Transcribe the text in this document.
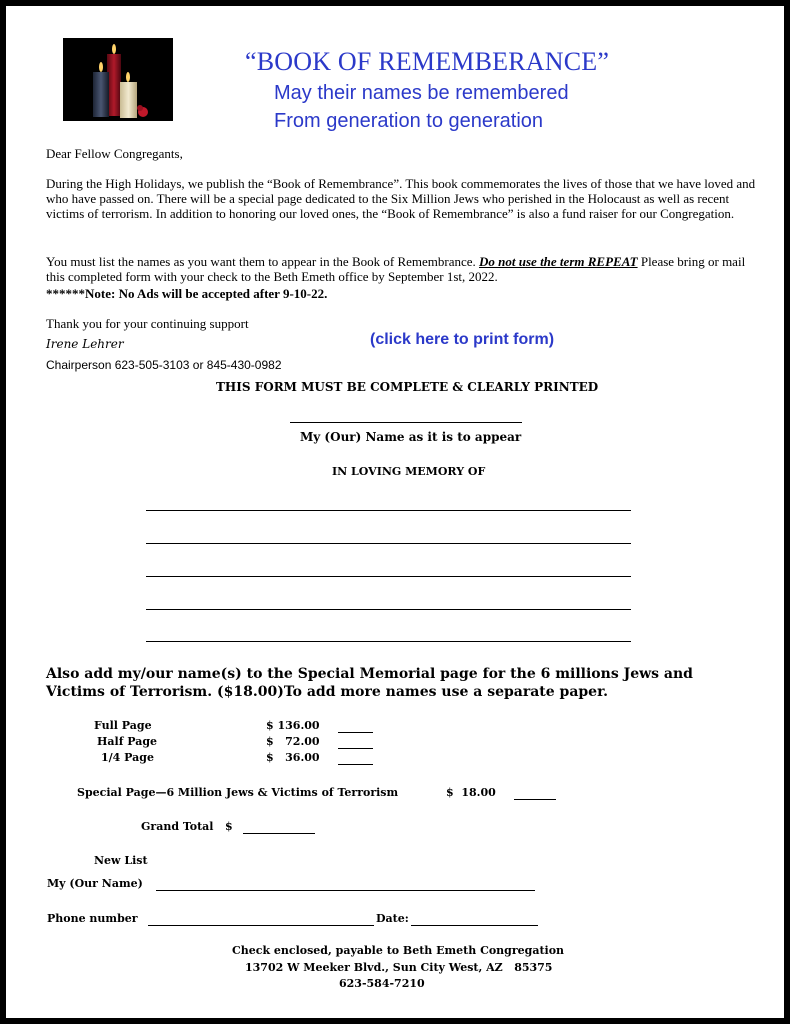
“BOOK OF REMEMBERANCE”
May their names be remembered
From generation to generation
Dear Fellow Congregants,
During the High Holidays, we publish the “Book of Remembrance”. This book commemorates the lives of those that we have loved and who have passed on. There will be a special page dedicated to the Six Million Jews who perished in the Holocaust as well as recent victims of terrorism. In addition to honoring our loved ones, the “Book of Remembrance” is also a fund raiser for our Congregation.
You must list the names as you want them to appear in the Book of Remembrance. Do not use the term REPEAT Please bring or mail this completed form with your check to the Beth Emeth office by September 1st, 2022.
******Note: No Ads will be accepted after 9-10-22.
Thank you for your continuing support
Irene Lehrer	(click here to print form)
Chairperson 623-505-3103 or 845-430-0982
THIS FORM MUST BE COMPLETE & CLEARLY PRINTED
My (Our) Name as it is to appear
IN LOVING MEMORY OF
Also add my/our name(s) to the Special Memorial page for the 6 millions Jews and Victims of Terrorism. ($18.00)To add more names use a separate paper.
Full Page	$ 136.00
Half Page	$   72.00
1/4 Page	$   36.00
Special Page—6 Million Jews & Victims of Terrorism	$  18.00
Grand Total   $
New List
My (Our Name)
Phone number	Date:
Check enclosed, payable to Beth Emeth Congregation
13702 W Meeker Blvd., Sun City West, AZ   85375
623-584-7210
